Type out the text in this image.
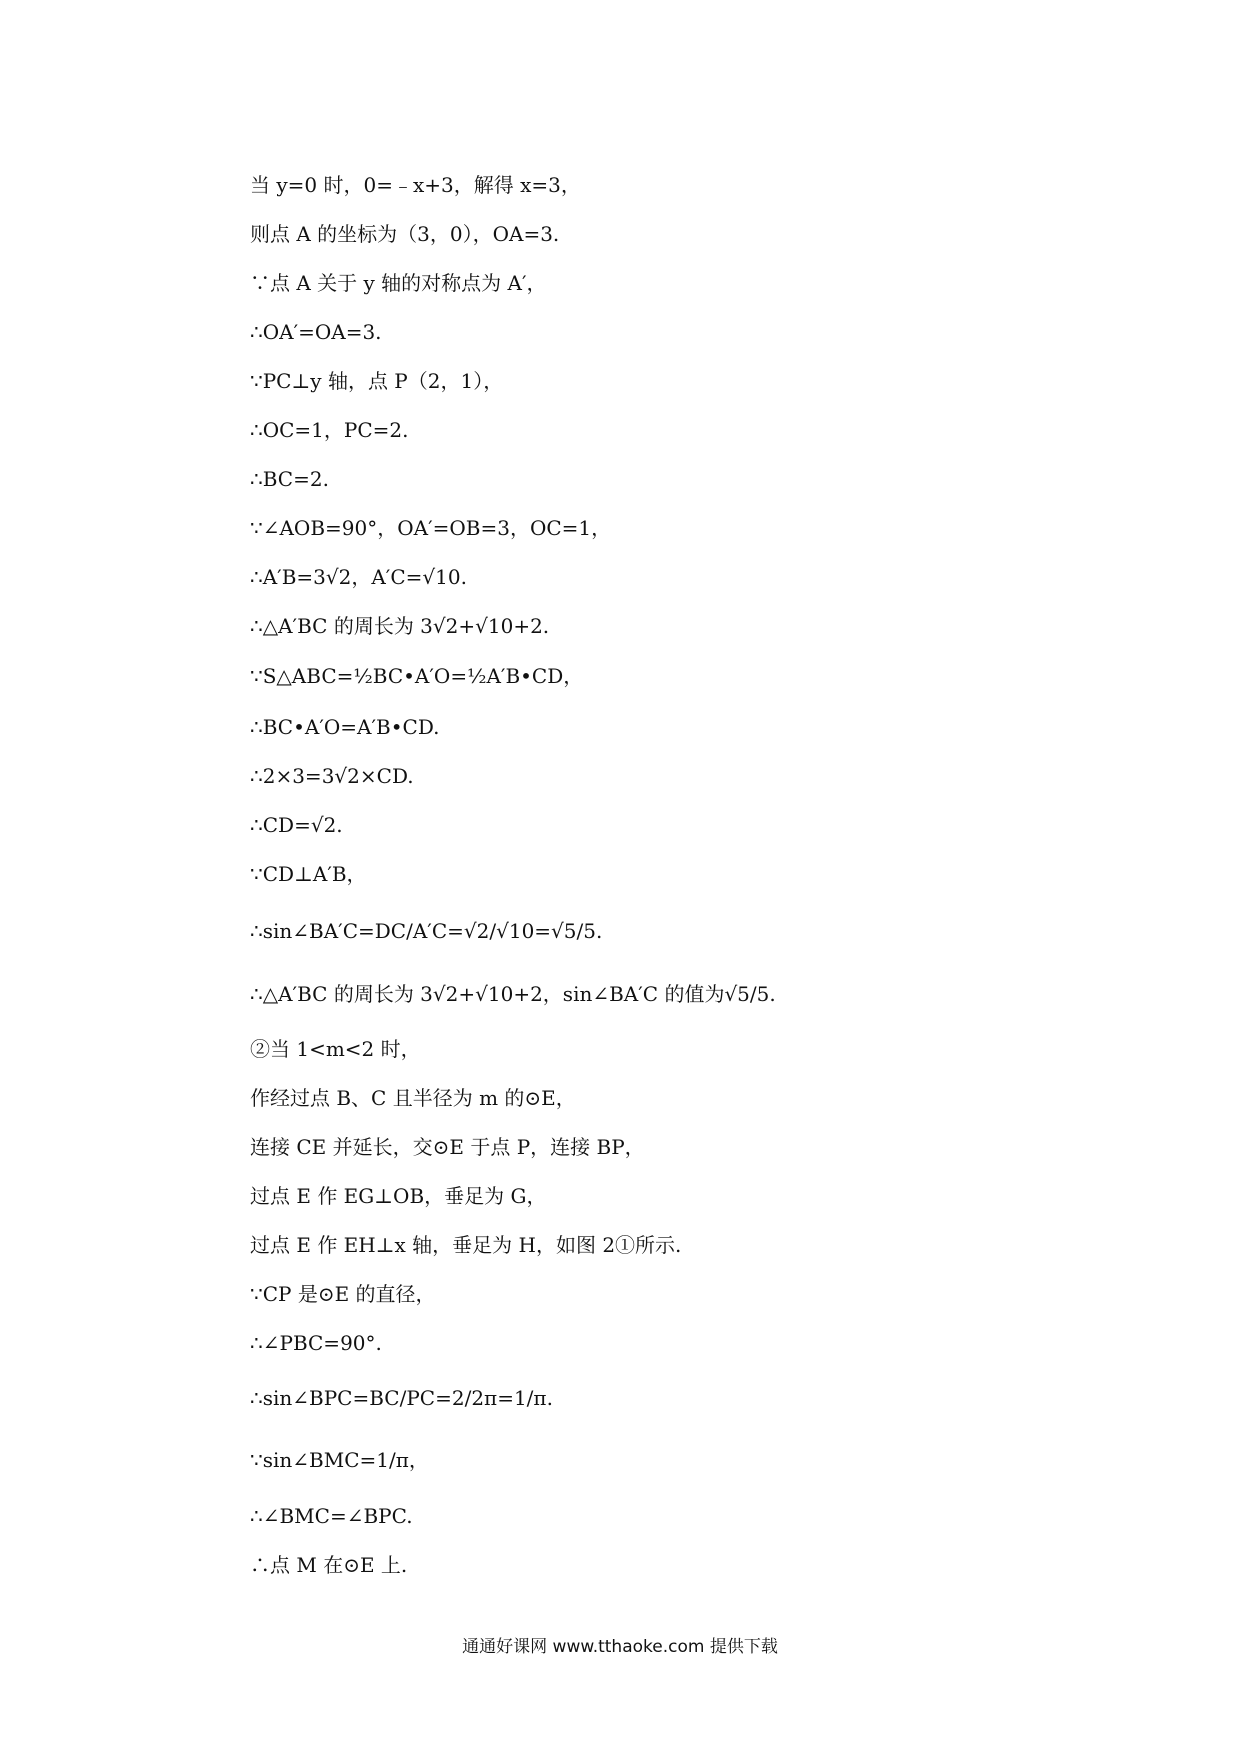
当 y=0 时，0=﹣x+3，解得 x=3，
则点 A 的坐标为（3，0），OA=3.
∵点 A 关于 y 轴的对称点为 A′，
∴OA′=OA=3.
∵PC⊥y 轴，点 P（2，1），
∴OC=1，PC=2.
∴BC=2.
∵∠AOB=90°，OA′=OB=3，OC=1，
∴A′B=3√2，A′C=√10.
∴△A′BC 的周长为 3√2+√10+2.
∵S△ABC=½BC•A′O=½A′B•CD，
∴BC•A′O=A′B•CD.
∴2×3=3√2×CD.
∴CD=√2.
∵CD⊥A′B，
∴sin∠BA′C=DC/A′C=√2/√10=√5/5.
∴△A′BC 的周长为 3√2+√10+2，sin∠BA′C 的值为√5/5.
②当 1<m<2 时，
作经过点 B、C 且半径为 m 的⊙E，
连接 CE 并延长，交⊙E 于点 P，连接 BP，
过点 E 作 EG⊥OB，垂足为 G，
过点 E 作 EH⊥x 轴，垂足为 H，如图 2①所示.
∵CP 是⊙E 的直径，
∴∠PBC=90°.
∴sin∠BPC=BC/PC=2/2π=1/π.
∵sin∠BMC=1/π，
∴∠BMC=∠BPC.
∴点 M 在⊙E 上.
通通好课网 www.tthaoke.com 提供下载
